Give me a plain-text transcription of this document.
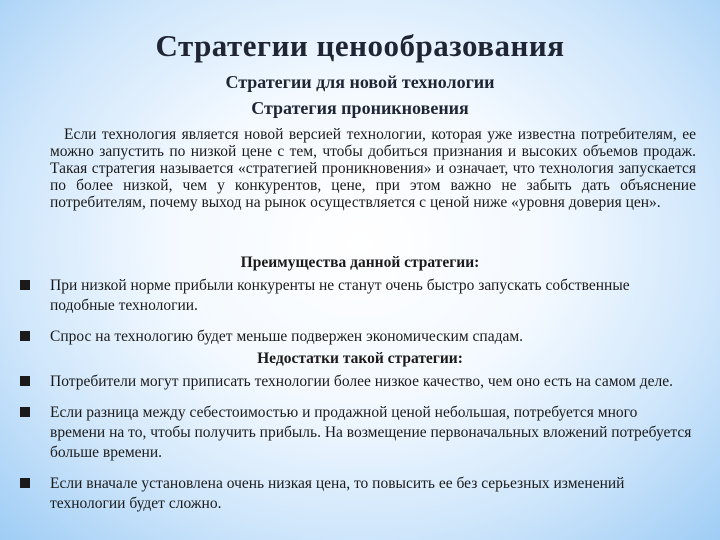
Стратегии ценообразования
Стратегии для новой технологии
Стратегия проникновения
Если технология является новой версией технологии, которая уже известна потребителям, ее можно запустить по низкой цене с тем, чтобы добиться признания и высоких объемов продаж. Такая стратегия называется «стратегией проникновения» и означает, что технология запускается по более низкой, чем у конкурентов, цене, при этом важно не забыть дать объяснение потребителям, почему выход на рынок осуществляется с ценой ниже «уровня доверия цен».
Преимущества данной стратегии:
При низкой норме прибыли конкуренты не станут очень быстро запускать собственные подобные технологии.
Спрос на технологию будет меньше подвержен экономическим спадам.
Недостатки такой стратегии:
Потребители могут приписать технологии более низкое качество, чем оно есть на самом деле.
Если разница между себестоимостью и продажной ценой небольшая, потребуется много времени на то, чтобы получить прибыль. На возмещение первоначальных вложений потребуется больше времени.
Если вначале установлена очень низкая цена, то повысить ее без серьезных изменений технологии будет сложно.
